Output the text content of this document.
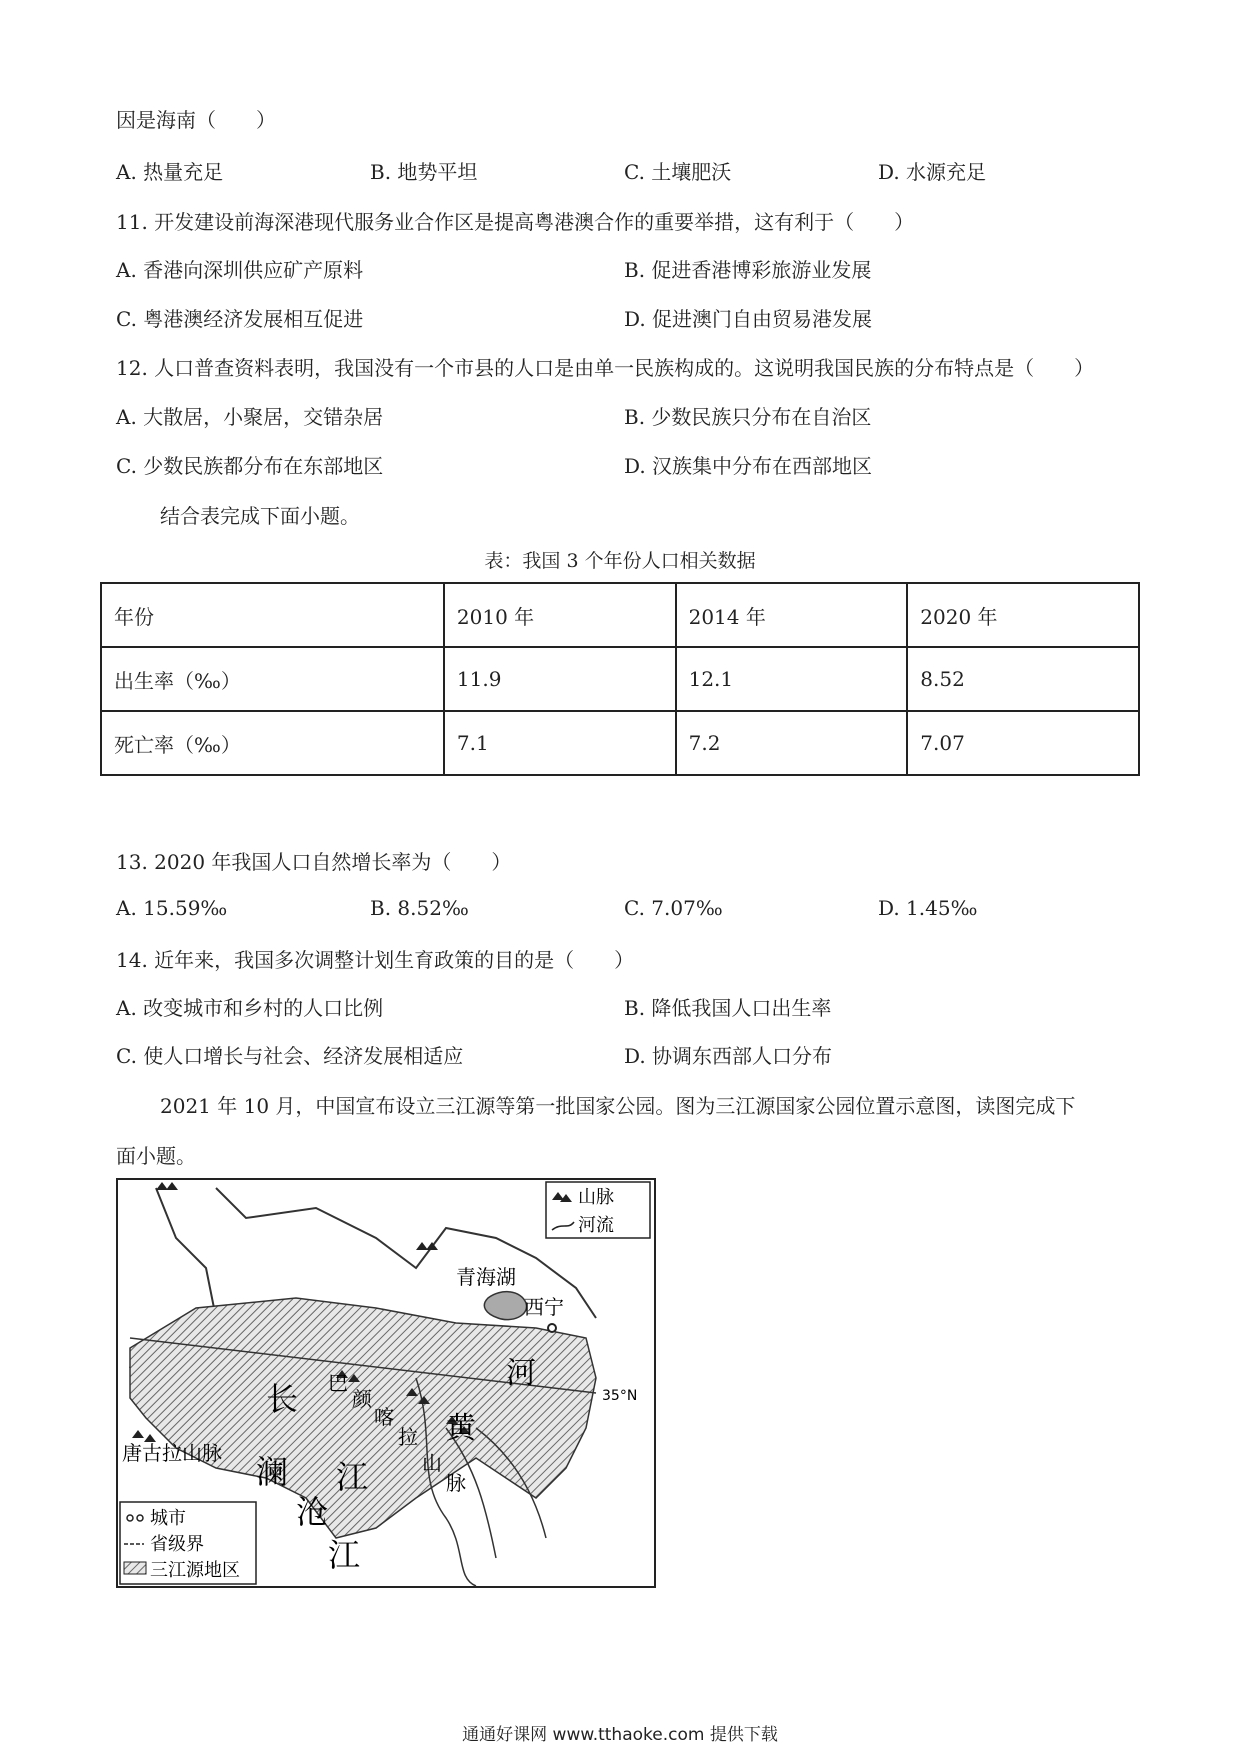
因是海南（　　）
A. 热量充足	B. 地势平坦	C. 土壤肥沃	D. 水源充足
11. 开发建设前海深港现代服务业合作区是提高粤港澳合作的重要举措，这有利于（　　）
A. 香港向深圳供应矿产原料	B. 促进香港博彩旅游业发展
C. 粤港澳经济发展相互促进	D. 促进澳门自由贸易港发展
12. 人口普查资料表明，我国没有一个市县的人口是由单一民族构成的。这说明我国民族的分布特点是（　　）
A. 大散居，小聚居，交错杂居	B. 少数民族只分布在自治区
C. 少数民族都分布在东部地区	D. 汉族集中分布在西部地区
结合表完成下面小题。
表：我国 3 个年份人口相关数据
年份	2010 年	2014 年	2020 年
出生率（‰）	11.9	12.1	8.52
死亡率（‰）	7.1	7.2	7.07
13. 2020 年我国人口自然增长率为（　　）
A. 15.59‰	B. 8.52‰	C. 7.07‰	D. 1.45‰
14. 近年来，我国多次调整计划生育政策的目的是（　　）
A. 改变城市和乡村的人口比例	B. 降低我国人口出生率
C. 使人口增长与社会、经济发展相适应	D. 协调东西部人口分布
2021 年 10 月，中国宣布设立三江源等第一批国家公园。图为三江源国家公园位置示意图，读图完成下
面小题。
青海湖
西宁
35°N
河
黄
长
江
澜
沧
江
巴
颜
喀
拉
山
脉
唐古拉山脉
山脉
河流
城市
省级界
三江源地区
通通好课网 www.tthaoke.com 提供下载
